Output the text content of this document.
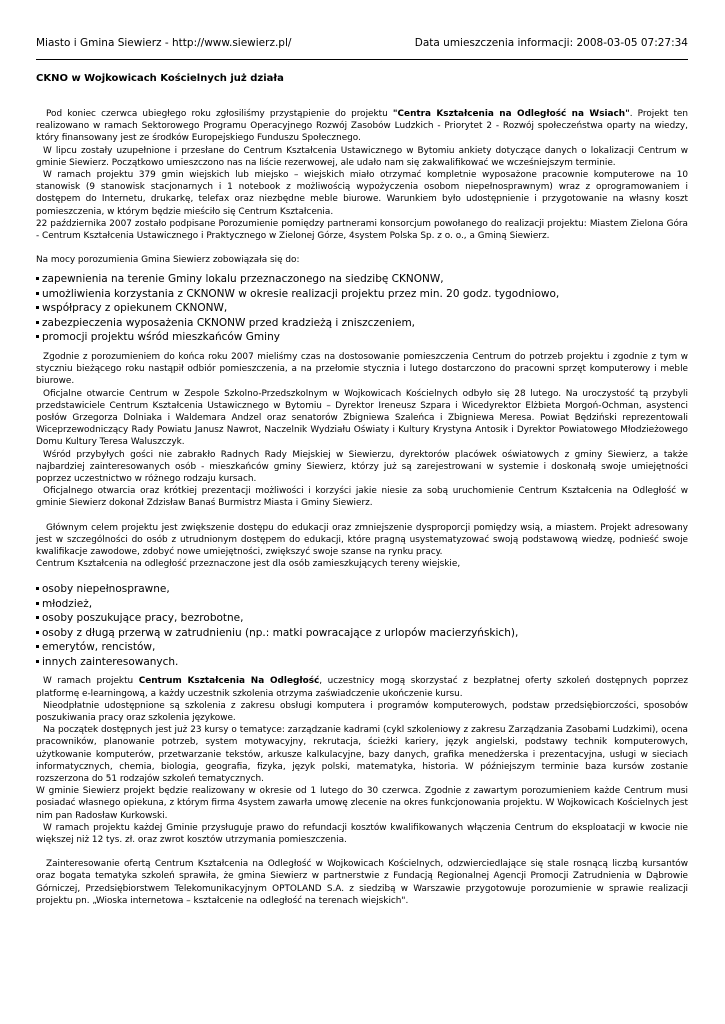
Miasto i Gmina Siewierz - http://www.siewierz.pl/	Data umieszczenia informacji: 2008-03-05 07:27:34
CKNO w Wojkowicach Kościelnych już działa

Pod koniec czerwca ubiegłego roku zgłosiliśmy przystąpienie do projektu "Centra Kształcenia na Odległość na Wsiach". Projekt ten realizowano w ramach Sektorowego Programu Operacyjnego Rozwój Zasobów Ludzkich - Priorytet 2 - Rozwój społeczeństwa oparty na wiedzy, który finansowany jest ze środków Europejskiego Funduszu Społecznego.

W lipcu zostały uzupełnione i przesłane do Centrum Kształcenia Ustawicznego w Bytomiu ankiety dotyczące danych o lokalizacji Centrum w gminie Siewierz. Początkowo umieszczono nas na liście rezerwowej, ale udało nam się zakwalifikować we wcześniejszym terminie.

W ramach projektu 379 gmin wiejskich lub miejsko – wiejskich miało otrzymać kompletnie wyposażone pracownie komputerowe na 10 stanowisk (9 stanowisk stacjonarnych i 1 notebook z możliwością wypożyczenia osobom niepełnosprawnym) wraz z oprogramowaniem i dostępem do Internetu, drukarkę, telefax oraz niezbędne meble biurowe. Warunkiem było udostępnienie i przygotowanie na własny koszt pomieszczenia, w którym będzie mieściło się Centrum Kształcenia.

22 października 2007 zostało podpisane Porozumienie pomiędzy partnerami konsorcjum powołanego do realizacji projektu: Miastem Zielona Góra - Centrum Kształcenia Ustawicznego i Praktycznego w Zielonej Górze, 4system Polska Sp. z o. o., a Gminą Siewierz.

Na mocy porozumienia Gmina Siewierz zobowiązała się do:

zapewnienia na terenie Gminy lokalu przeznaczonego na siedzibę CKNONW,
umożliwienia korzystania z CKNONW w okresie realizacji projektu przez min. 20 godz. tygodniowo,
współpracy z opiekunem CKNONW,
zabezpieczenia wyposażenia CKNONW przed kradzieżą i zniszczeniem,
promocji projektu wśród mieszkańców Gminy

Zgodnie z porozumieniem do końca roku 2007 mieliśmy czas na dostosowanie pomieszczenia Centrum do potrzeb projektu i zgodnie z tym w styczniu bieżącego roku nastąpił odbiór pomieszczenia, a na przełomie stycznia i lutego dostarczono do pracowni sprzęt komputerowy i meble biurowe.

Oficjalne otwarcie Centrum w Zespole Szkolno-Przedszkolnym w Wojkowicach Kościelnych odbyło się 28 lutego. Na uroczystość tą przybyli przedstawiciele Centrum Kształcenia Ustawicznego w Bytomiu – Dyrektor Ireneusz Szpara i Wicedyrektor Elżbieta Morgoń-Ochman, asystenci posłów Grzegorza Dolniaka i Waldemara Andzel oraz senatorów Zbigniewa Szaleńca i Zbigniewa Meresa. Powiat Będziński reprezentowali Wiceprzewodniczący Rady Powiatu Janusz Nawrot, Naczelnik Wydziału Oświaty i Kultury Krystyna Antosik i Dyrektor Powiatowego Młodzieżowego Domu Kultury Teresa Waluszczyk.

Wśród przybyłych gości nie zabrakło Radnych Rady Miejskiej w Siewierzu, dyrektorów placówek oświatowych z gminy Siewierz, a także najbardziej zainteresowanych osób - mieszkańców gminy Siewierz, którzy już są zarejestrowani w systemie i doskonałą swoje umiejętności poprzez uczestnictwo w różnego rodzaju kursach.

Oficjalnego otwarcia oraz krótkiej prezentacji możliwości i korzyści jakie niesie za sobą uruchomienie Centrum Kształcenia na Odległość w gminie Siewierz dokonał Zdzisław Banaś Burmistrz Miasta i Gminy Siewierz.

Głównym celem projektu jest zwiększenie dostępu do edukacji oraz zmniejszenie dysproporcji pomiędzy wsią, a miastem. Projekt adresowany jest w szczególności do osób z utrudnionym dostępem do edukacji, które pragną usystematyzować swoją podstawową wiedzę, podnieść swoje kwalifikacje zawodowe, zdobyć nowe umiejętności, zwiększyć swoje szanse na rynku pracy.

Centrum Kształcenia na odległość przeznaczone jest dla osób zamieszkujących tereny wiejskie,

osoby niepełnosprawne,
młodzież,
osoby poszukujące pracy, bezrobotne,
osoby z długą przerwą w zatrudnieniu (np.: matki powracające z urlopów macierzyńskich),
emerytów, rencistów,
innych zainteresowanych.

W ramach projektu Centrum Kształcenia Na Odległość, uczestnicy mogą skorzystać z bezpłatnej oferty szkoleń dostępnych poprzez platformę e-learningową, a każdy uczestnik szkolenia otrzyma zaświadczenie ukończenie kursu.

Nieodpłatnie udostępnione są szkolenia z zakresu obsługi komputera i programów komputerowych, podstaw przedsiębiorczości, sposobów poszukiwania pracy oraz szkolenia językowe.

Na początek dostępnych jest już 23 kursy o tematyce: zarządzanie kadrami (cykl szkoleniowy z zakresu Zarządzania Zasobami Ludzkimi), ocena pracowników, planowanie potrzeb, system motywacyjny, rekrutacja, ścieżki kariery, język angielski, podstawy technik komputerowych, użytkowanie komputerów, przetwarzanie tekstów, arkusze kalkulacyjne, bazy danych, grafika menedżerska i prezentacyjna, usługi w sieciach informatycznych, chemia, biologia, geografia, fizyka, język polski, matematyka, historia. W późniejszym terminie baza kursów zostanie rozszerzona do 51 rodzajów szkoleń tematycznych.

W gminie Siewierz projekt będzie realizowany w okresie od 1 lutego do 30 czerwca. Zgodnie z zawartym porozumieniem każde Centrum musi posiadać własnego opiekuna, z którym firma 4system zawarła umowę zlecenie na okres funkcjonowania projektu. W Wojkowicach Kościelnych jest nim pan Radosław Kurkowski.

W ramach projektu każdej Gminie przysługuje prawo do refundacji kosztów kwalifikowanych włączenia Centrum do eksploatacji w kwocie nie większej niż 12 tys. zł. oraz zwrot kosztów utrzymania pomieszczenia.

Zainteresowanie ofertą Centrum Kształcenia na Odległość w Wojkowicach Kościelnych, odzwierciedlające się stale rosnącą liczbą kursantów oraz bogata tematyka szkoleń sprawiła, że gmina Siewierz w partnerstwie z Fundacją Regionalnej Agencji Promocji Zatrudnienia w Dąbrowie Górniczej, Przedsiębiorstwem Telekomunikacyjnym OPTOLAND S.A. z siedzibą w Warszawie przygotowuje porozumienie w sprawie realizacji projektu pn. „Wioska internetowa – kształcenie na odległość na terenach wiejskich".
